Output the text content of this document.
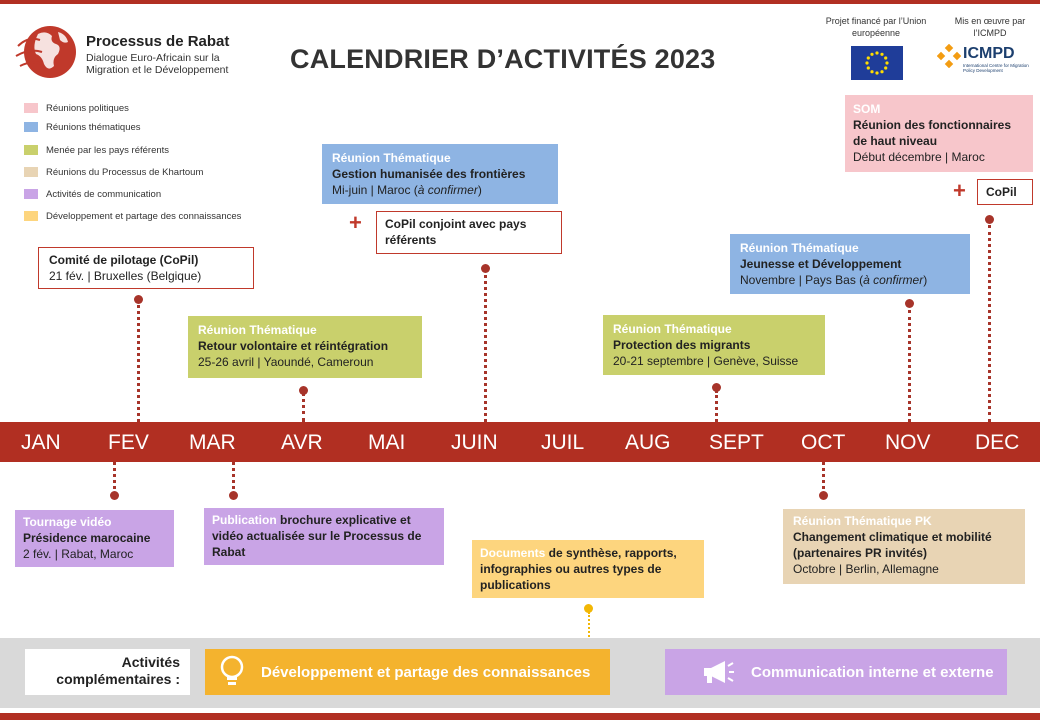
Processus de Rabat
Dialogue Euro-Africain sur la Migration et le Développement	CALENDRIER D’ACTIVITÉS 2023
Projet financé par l’Union européenne
Mis en œuvre par l’ICMPD
ICMPD
International Centre for Migration Policy Development
Réunions politiques
Réunions thématiques
Menée par les pays référents
Réunions du Processus de Khartoum
Activités de communication
Développement et partage des connaissances
Comité de pilotage (CoPil)
21 fév. | Bruxelles (Belgique)
Réunion Thématique
Retour volontaire et réintégration
25-26 avril | Yaoundé, Cameroun
Réunion Thématique
Gestion humanisée des frontières
Mi-juin | Maroc (à confirmer)
+ CoPil conjoint avec pays référents
Réunion Thématique
Protection des migrants
20-21 septembre | Genève, Suisse
Réunion Thématique
Jeunesse et Développement
Novembre | Pays Bas (à confirmer)
SOM
Réunion des fonctionnaires de haut niveau
Début décembre | Maroc
+ CoPil
JAN FEV MAR AVR MAI JUIN JUIL AUG SEPT OCT NOV DEC
Tournage vidéo
Présidence marocaine
2 fév. | Rabat, Maroc
Publication brochure explicative et vidéo actualisée sur le Processus de Rabat	Documents de synthèse, rapports, infographies ou autres types de publications
Réunion Thématique PK
Changement climatique et mobilité (partenaires PR invités)
Octobre | Berlin, Allemagne
Activités complémentaires :	Développement et partage des connaissances	Communication interne et externe
